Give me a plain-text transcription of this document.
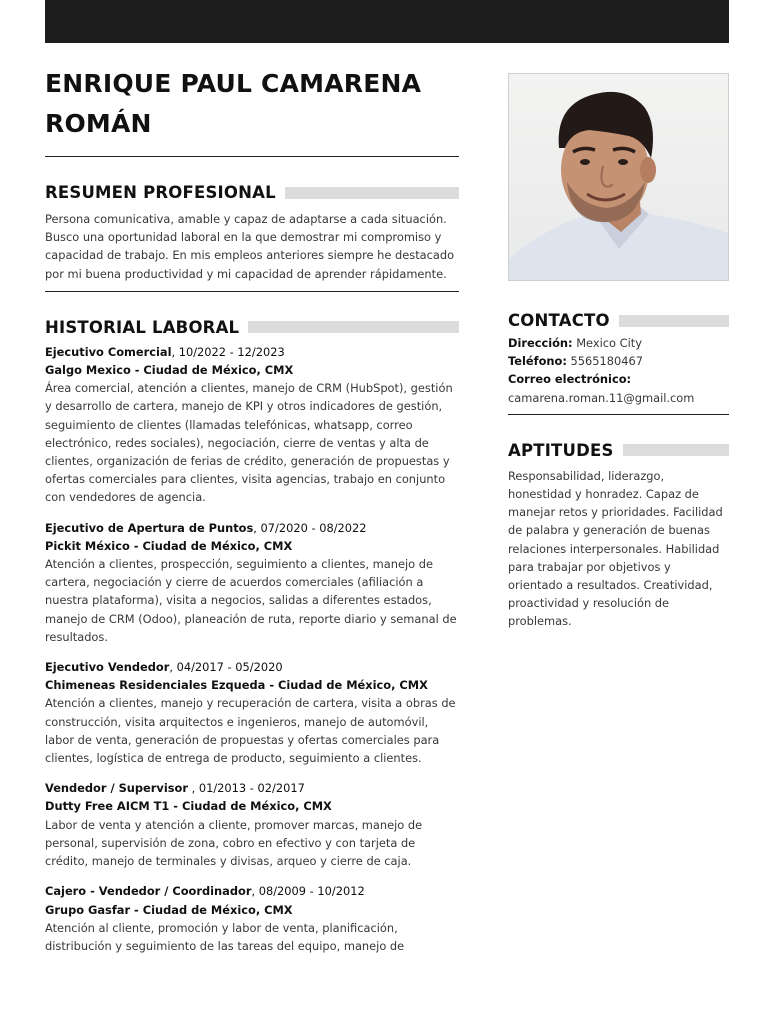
ENRIQUE PAUL CAMARENA
ROMÁN
RESUMEN PROFESIONAL

Persona comunicativa, amable y capaz de adaptarse a cada situación. Busco una oportunidad laboral en la que demostrar mi compromiso y capacidad de trabajo. En mis empleos anteriores siempre he destacado por mi buena productividad y mi capacidad de aprender rápidamente.

HISTORIAL LABORAL
Ejecutivo Comercial, 10/2022 - 12/2023
Galgo Mexico - Ciudad de México, CMX

Área comercial, atención a clientes, manejo de CRM (HubSpot), gestión y desarrollo de cartera, manejo de KPI y otros indicadores de gestión, seguimiento de clientes (llamadas telefónicas, whatsapp, correo electrónico, redes sociales), negociación, cierre de ventas y alta de clientes, organización de ferias de crédito, generación de propuestas y ofertas comerciales para clientes, visita agencias, trabajo en conjunto con vendedores de agencia.

Ejecutivo de Apertura de Puntos, 07/2020 - 08/2022
Pickit México - Ciudad de México, CMX

Atención a clientes, prospección, seguimiento a clientes, manejo de cartera, negociación y cierre de acuerdos comerciales (afiliación a nuestra plataforma), visita a negocios, salidas a diferentes estados, manejo de CRM (Odoo), planeación de ruta, reporte diario y semanal de resultados.

Ejecutivo Vendedor, 04/2017 - 05/2020
Chimeneas Residenciales Ezqueda - Ciudad de México, CMX

Atención a clientes, manejo y recuperación de cartera, visita a obras de construcción, visita arquitectos e ingenieros, manejo de automóvil, labor de venta, generación de propuestas y ofertas comerciales para clientes, logística de entrega de producto, seguimiento a clientes.

Vendedor / Supervisor , 01/2013 - 02/2017
Dutty Free AICM T1 - Ciudad de México, CMX

Labor de venta y atención a cliente, promover marcas, manejo de personal, supervisión de zona, cobro en efectivo y con tarjeta de crédito, manejo de terminales y divisas, arqueo y cierre de caja.

Cajero - Vendedor / Coordinador, 08/2009 - 10/2012
Grupo Gasfar - Ciudad de México, CMX

Atención al cliente, promoción y labor de venta, planificación, distribución y seguimiento de las tareas del equipo, manejo de

CONTACTO
Dirección: Mexico City
Teléfono: 5565180467
Correo electrónico:
camarena.roman.11@gmail.com
APTITUDES

Responsabilidad, liderazgo, honestidad y honradez. Capaz de manejar retos y prioridades. Facilidad de palabra y generación de buenas relaciones interpersonales. Habilidad para trabajar por objetivos y orientado a resultados. Creatividad, proactividad y resolución de problemas.
